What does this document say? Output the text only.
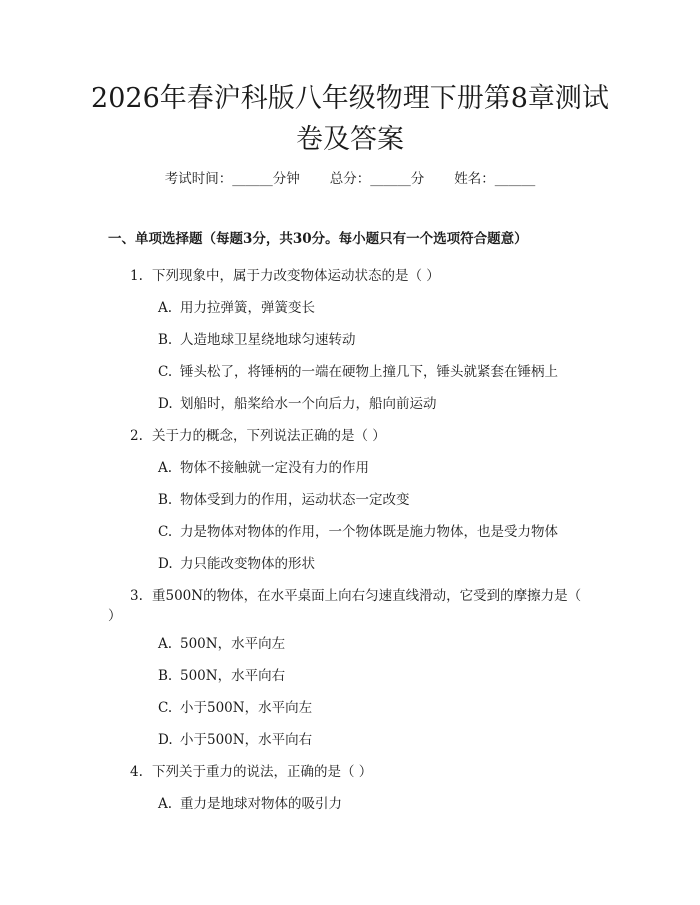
2026年春沪科版八年级物理下册第8章测试卷及答案
考试时间：______分钟 总分：______分 姓名：______
一、单项选择题（每题3分，共30分。每小题只有一个选项符合题意）
1. 下列现象中，属于力改变物体运动状态的是（ ）
A. 用力拉弹簧，弹簧变长
B. 人造地球卫星绕地球匀速转动
C. 锤头松了，将锤柄的一端在硬物上撞几下，锤头就紧套在锤柄上
D. 划船时，船桨给水一个向后力，船向前运动
2. 关于力的概念，下列说法正确的是（ ）
A. 物体不接触就一定没有力的作用
B. 物体受到力的作用，运动状态一定改变
C. 力是物体对物体的作用，一个物体既是施力物体，也是受力物体
D. 力只能改变物体的形状
3. 重500N的物体，在水平桌面上向右匀速直线滑动，它受到的摩擦力是（ ）
A. 500N，水平向左
B. 500N，水平向右
C. 小于500N，水平向左
D. 小于500N，水平向右
4. 下列关于重力的说法，正确的是（ ）
A. 重力是地球对物体的吸引力
